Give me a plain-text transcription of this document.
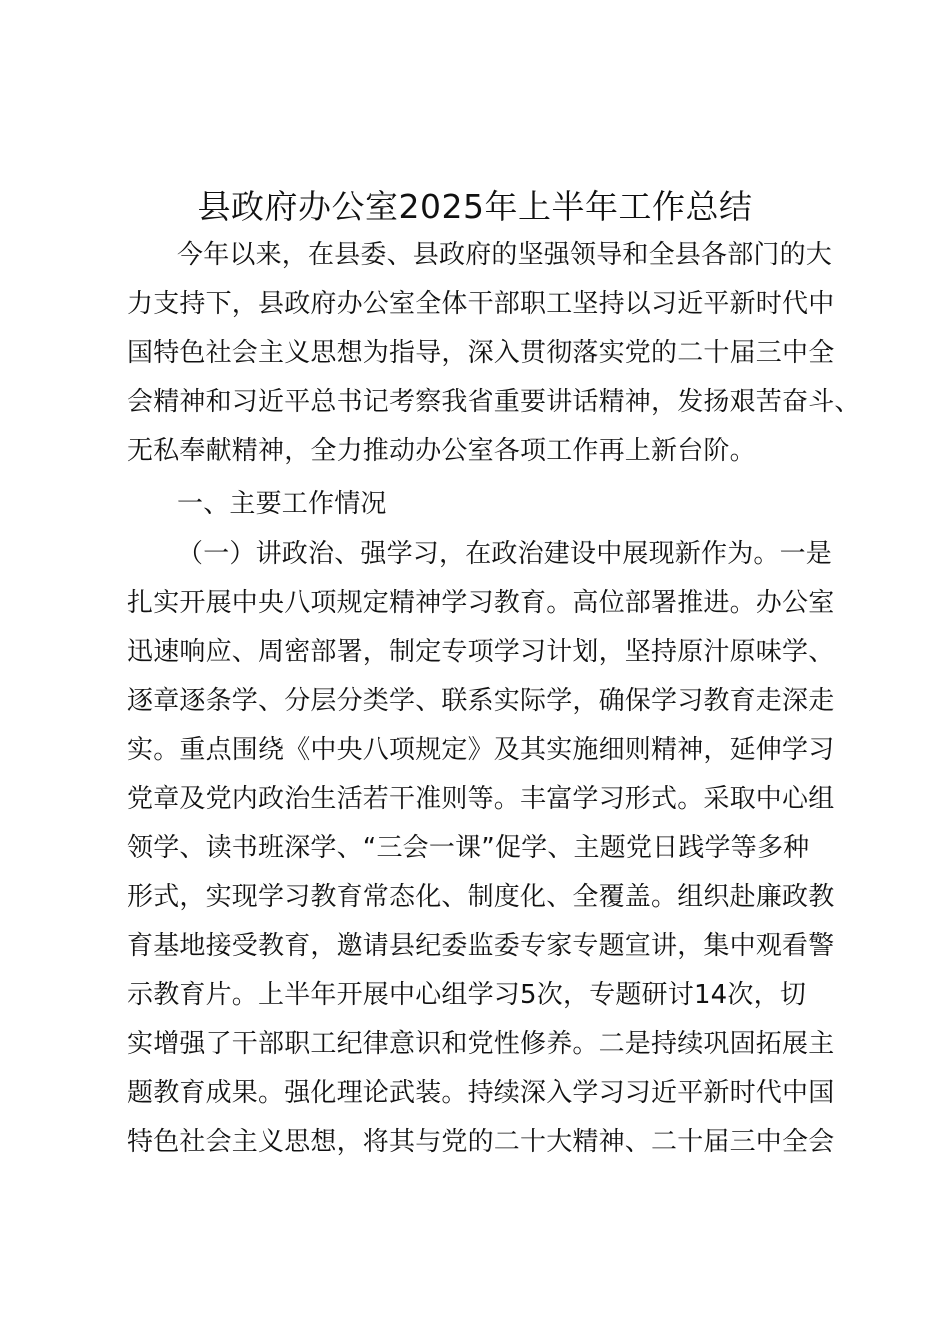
县政府办公室2025年上半年工作总结
今年以来，在县委、县政府的坚强领导和全县各部门的大
力支持下，县政府办公室全体干部职工坚持以习近平新时代中
国特色社会主义思想为指导，深入贯彻落实党的二十届三中全
会精神和习近平总书记考察我省重要讲话精神，发扬艰苦奋斗、
无私奉献精神，全力推动办公室各项工作再上新台阶。
一、主要工作情况
（一）讲政治、强学习，在政治建设中展现新作为。一是
扎实开展中央八项规定精神学习教育。高位部署推进。办公室
迅速响应、周密部署，制定专项学习计划，坚持原汁原味学、
逐章逐条学、分层分类学、联系实际学，确保学习教育走深走
实。重点围绕《中央八项规定》及其实施细则精神，延伸学习
党章及党内政治生活若干准则等。丰富学习形式。采取中心组
领学、读书班深学、“三会一课”促学、主题党日践学等多种
形式，实现学习教育常态化、制度化、全覆盖。组织赴廉政教
育基地接受教育，邀请县纪委监委专家专题宣讲，集中观看警
示教育片。上半年开展中心组学习5次，专题研讨14次，切
实增强了干部职工纪律意识和党性修养。二是持续巩固拓展主
题教育成果。强化理论武装。持续深入学习习近平新时代中国
特色社会主义思想，将其与党的二十大精神、二十届三中全会
